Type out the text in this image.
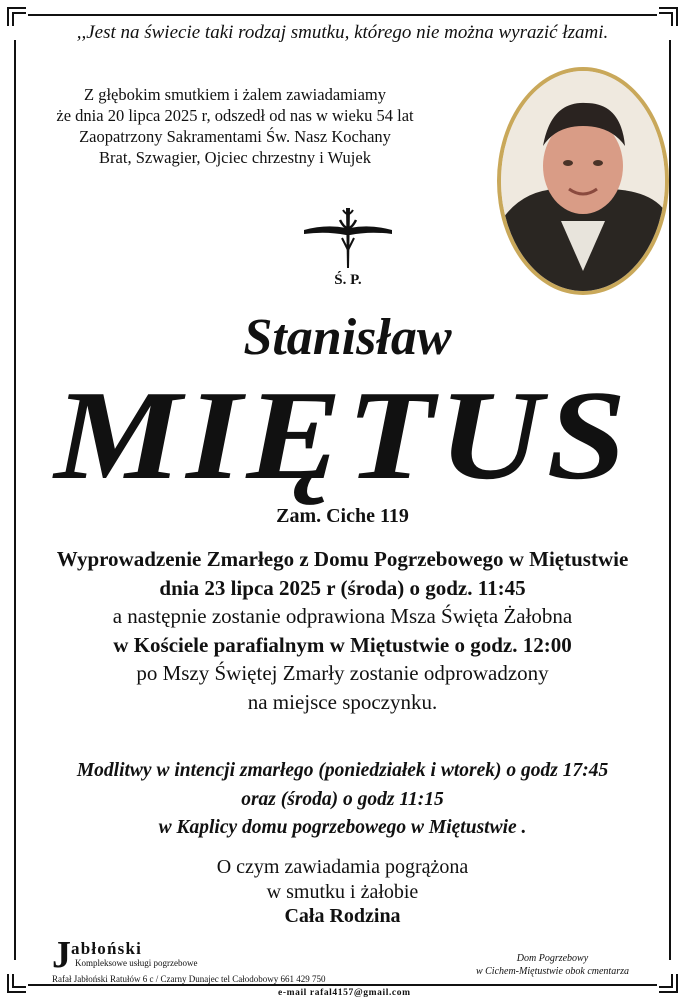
,,Jest na świecie taki rodzaj smutku, którego nie można wyrazić łzami.
Z głębokim smutkiem i żalem zawiadamiamy
że dnia 20 lipca 2025 r, odszedł od nas w wieku 54 lat
Zaopatrzony Sakramentami Św. Nasz Kochany
Brat, Szwagier, Ojciec chrzestny i Wujek
Ś. P.
Stanisław
MIĘTUS
Zam. Ciche 119
Wyprowadzenie Zmarłego z Domu Pogrzebowego w Miętustwie
dnia 23 lipca 2025 r (środa) o godz. 11:45
a następnie zostanie odprawiona Msza Święta Żałobna
w Kościele parafialnym w Miętustwie o godz. 12:00
po Mszy Świętej Zmarły zostanie odprowadzony
na miejsce spoczynku.
Modlitwy w intencji zmarłego (poniedziałek i wtorek) o godz 17:45
oraz (środa) o godz 11:15
w Kaplicy domu pogrzebowego w Miętustwie .
O czym zawiadamia pogrążona
w smutku i żałobie
Cała Rodzina
J abłoński
Kompleksowe usługi pogrzebowe
Rafał Jabłoński Ratułów 6 c / Czarny Dunajec tel Całodobowy 661 429 750
e-mail rafal4157@gmail.com
Dom Pogrzebowy
w Cichem-Miętustwie obok cmentarza
